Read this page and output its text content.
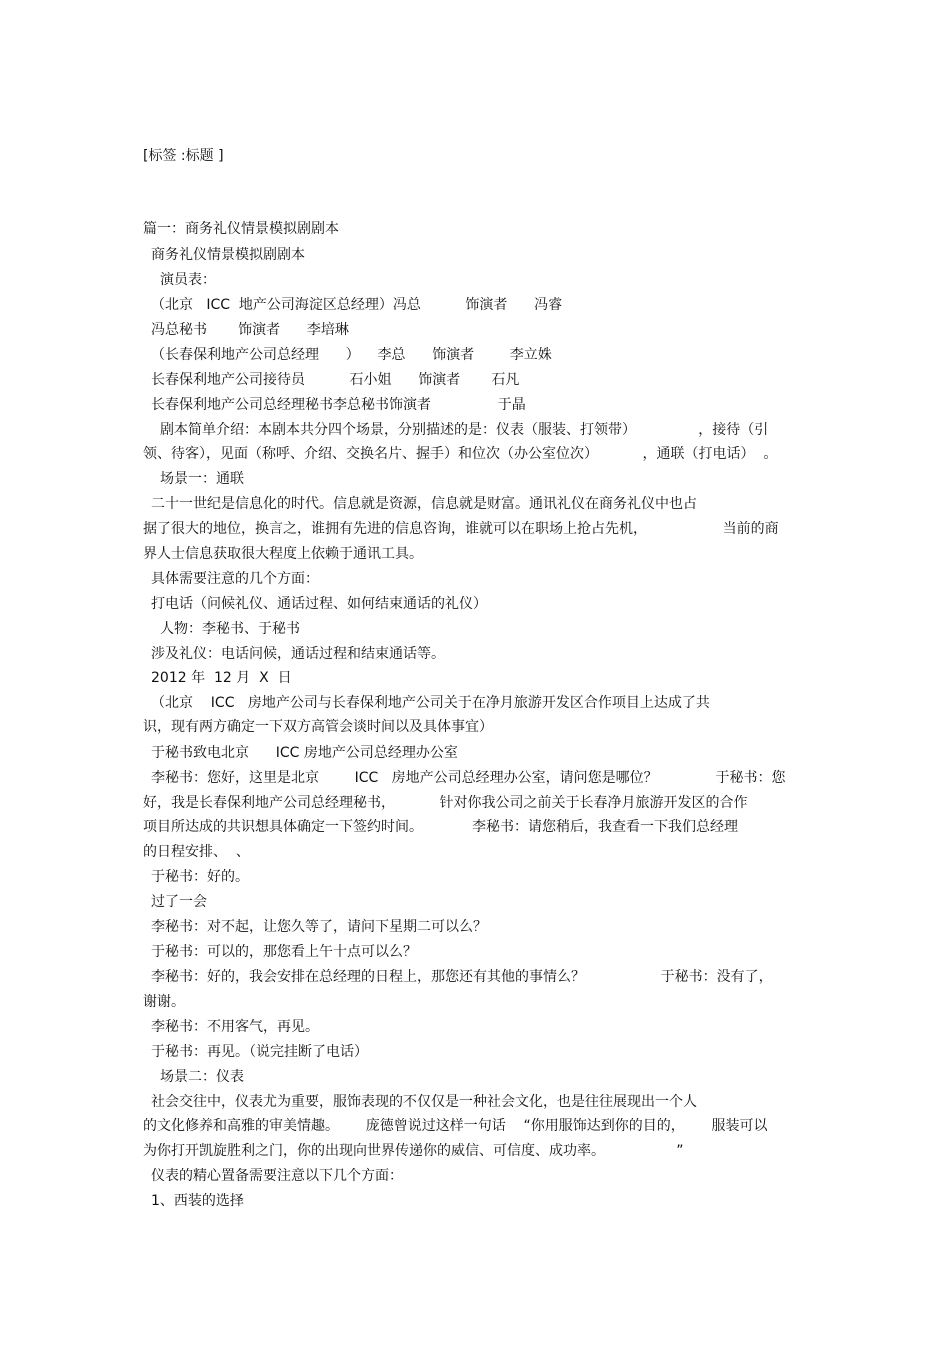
[标签 :标题 ]
篇一：商务礼仪情景模拟剧剧本
商务礼仪情景模拟剧剧本
演员表：
（北京   ICC  地产公司海淀区总经理）冯总          饰演者      冯睿
冯总秘书       饰演者      李培琳
（长春保利地产公司总经理      ）    李总      饰演者        李立姝
长春保利地产公司接待员          石小姐      饰演者       石凡
长春保利地产公司总经理秘书李总秘书饰演者               于晶
剧本简单介绍：本剧本共分四个场景，分别描述的是：仪表（服装、打领带）              ，接待（引
领、待客），见面（称呼、介绍、交换名片、握手）和位次（办公室位次）          ，通联（打电话）  。
场景一：通联
二十一世纪是信息化的时代。信息就是资源，信息就是财富。通讯礼仪在商务礼仪中也占
据了很大的地位，换言之，谁拥有先进的信息咨询，谁就可以在职场上抢占先机，                 当前的商
界人士信息获取很大程度上依赖于通讯工具。
具体需要注意的几个方面：
打电话（问候礼仪、通话过程、如何结束通话的礼仪）
人物：李秘书、于秘书
涉及礼仪：电话问候，通话过程和结束通话等。
2012 年  12 月  X  日
（北京    ICC   房地产公司与长春保利地产公司关于在净月旅游开发区合作项目上达成了共
识，现有两方确定一下双方高管会谈时间以及具体事宜）
于秘书致电北京      ICC 房地产公司总经理办公室
李秘书：您好，这里是北京        ICC   房地产公司总经理办公室，请问您是哪位？             于秘书：您
好，我是长春保利地产公司总经理秘书，          针对你我公司之前关于长春净月旅游开发区的合作
项目所达成的共识想具体确定一下签约时间。           李秘书：请您稍后，我查看一下我们总经理
的日程安排、  、
于秘书：好的。
过了一会
李秘书：对不起，让您久等了，请问下星期二可以么？
于秘书：可以的，那您看上午十点可以么？
李秘书：好的，我会安排在总经理的日程上，那您还有其他的事情么？                 于秘书：没有了，
谢谢。
李秘书：不用客气，再见。
于秘书：再见。（说完挂断了电话）
场景二：仪表
社会交往中，仪表尤为重要，服饰表现的不仅仅是一种社会文化，也是往往展现出一个人
的文化修养和高雅的审美情趣。      庞德曾说过这样一句话    “你用服饰达到你的目的，      服装可以
为你打开凯旋胜利之门，你的出现向世界传递你的威信、可信度、成功率。                ”
仪表的精心置备需要注意以下几个方面：
1、西装的选择
